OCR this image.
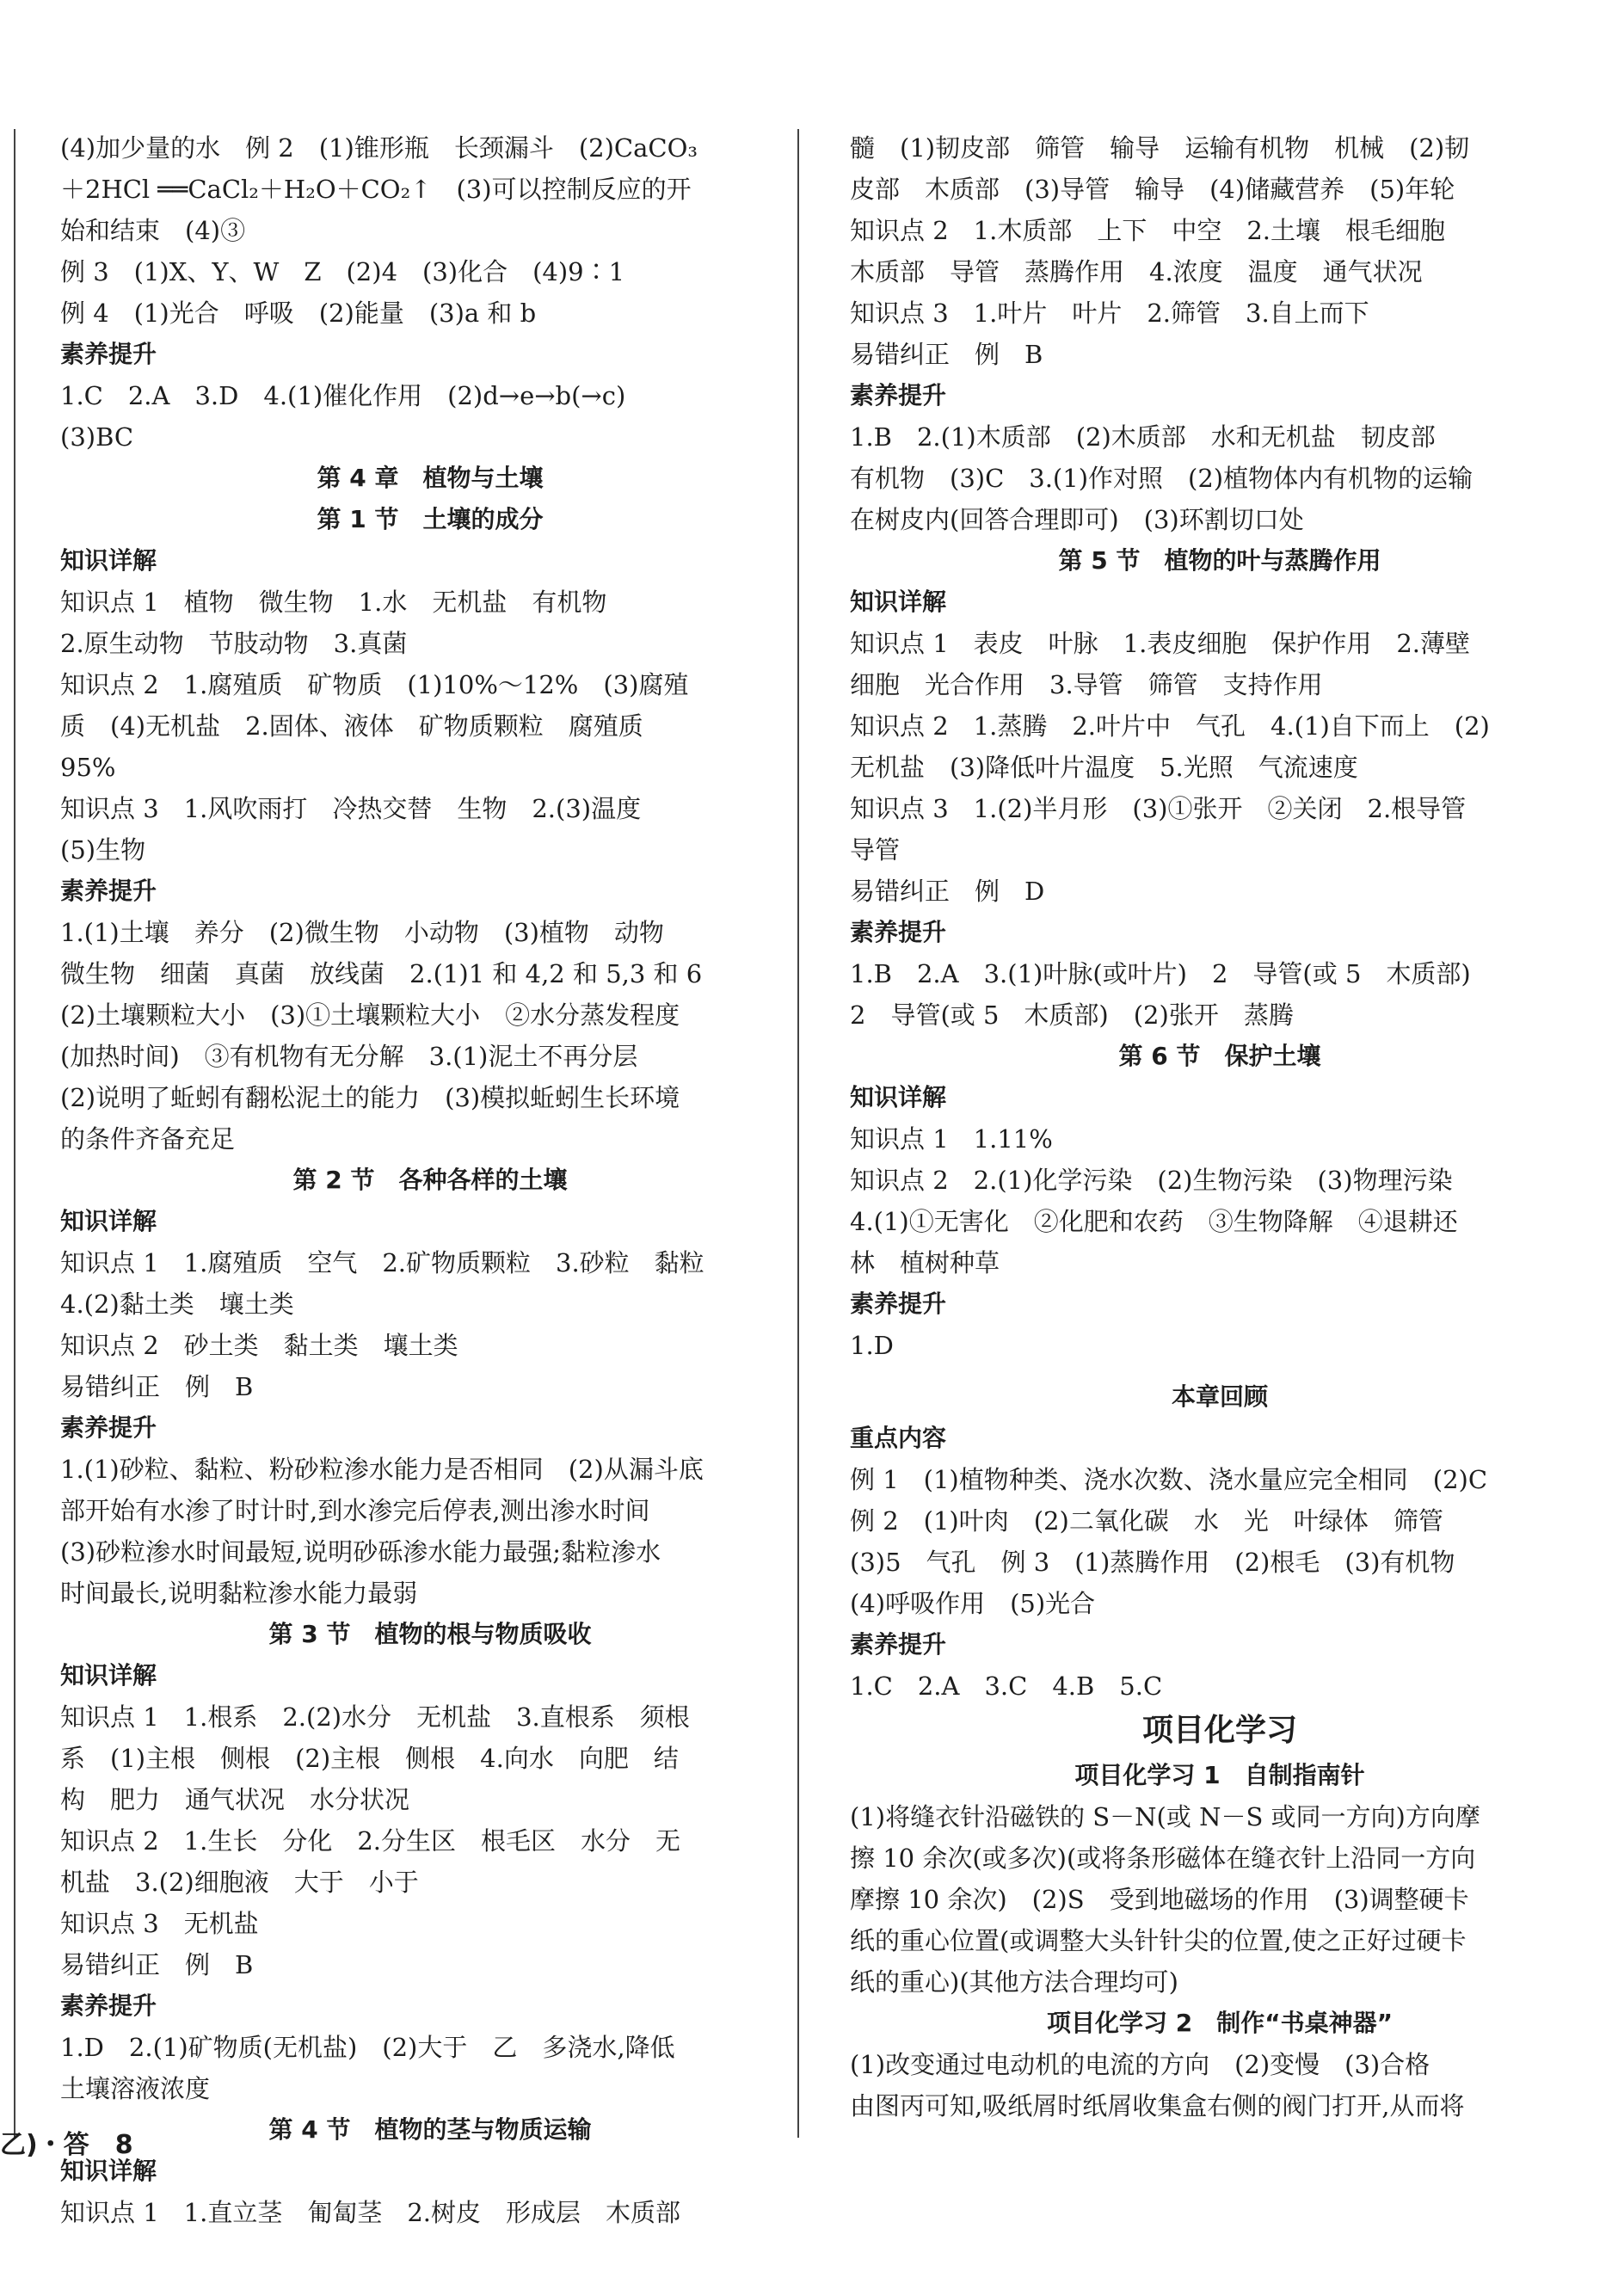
(4)加少量的水　例 2　(1)锥形瓶　长颈漏斗　(2)CaCO₃
＋2HCl ══CaCl₂＋H₂O＋CO₂↑　(3)可以控制反应的开
始和结束　(4)③
例 3　(1)X、Y、W　Z　(2)4　(3)化合　(4)9∶1
例 4　(1)光合　呼吸　(2)能量　(3)a 和 b
素养提升
1.C　2.A　3.D　4.(1)催化作用　(2)d→e→b(→c)
(3)BC
第 4 章　植物与土壤
第 1 节　土壤的成分
知识详解
知识点 1　植物　微生物　1.水　无机盐　有机物
2.原生动物　节肢动物　3.真菌
知识点 2　1.腐殖质　矿物质　(1)10%～12%　(3)腐殖
质　(4)无机盐　2.固体、液体　矿物质颗粒　腐殖质
95%
知识点 3　1.风吹雨打　冷热交替　生物　2.(3)温度
(5)生物
素养提升
1.(1)土壤　养分　(2)微生物　小动物　(3)植物　动物
微生物　细菌　真菌　放线菌　2.(1)1 和 4,2 和 5,3 和 6
(2)土壤颗粒大小　(3)①土壤颗粒大小　②水分蒸发程度
(加热时间)　③有机物有无分解　3.(1)泥土不再分层
(2)说明了蚯蚓有翻松泥土的能力　(3)模拟蚯蚓生长环境
的条件齐备充足
第 2 节　各种各样的土壤
知识详解
知识点 1　1.腐殖质　空气　2.矿物质颗粒　3.砂粒　黏粒
4.(2)黏土类　壤土类
知识点 2　砂土类　黏土类　壤土类
易错纠正　例　B
素养提升
1.(1)砂粒、黏粒、粉砂粒渗水能力是否相同　(2)从漏斗底
部开始有水渗了时计时,到水渗完后停表,测出渗水时间
(3)砂粒渗水时间最短,说明砂砾渗水能力最强;黏粒渗水
时间最长,说明黏粒渗水能力最弱
第 3 节　植物的根与物质吸收
知识详解
知识点 1　1.根系　2.(2)水分　无机盐　3.直根系　须根
系　(1)主根　侧根　(2)主根　侧根　4.向水　向肥　结
构　肥力　通气状况　水分状况
知识点 2　1.生长　分化　2.分生区　根毛区　水分　无
机盐　3.(2)细胞液　大于　小于
知识点 3　无机盐
易错纠正　例　B
素养提升
1.D　2.(1)矿物质(无机盐)　(2)大于　乙　多浇水,降低
土壤溶液浓度
第 4 节　植物的茎与物质运输
知识详解
知识点 1　1.直立茎　匍匐茎　2.树皮　形成层　木质部
髓　(1)韧皮部　筛管　输导　运输有机物　机械　(2)韧
皮部　木质部　(3)导管　输导　(4)储藏营养　(5)年轮
知识点 2　1.木质部　上下　中空　2.土壤　根毛细胞
木质部　导管　蒸腾作用　4.浓度　温度　通气状况
知识点 3　1.叶片　叶片　2.筛管　3.自上而下
易错纠正　例　B
素养提升
1.B　2.(1)木质部　(2)木质部　水和无机盐　韧皮部
有机物　(3)C　3.(1)作对照　(2)植物体内有机物的运输
在树皮内(回答合理即可)　(3)环割切口处
第 5 节　植物的叶与蒸腾作用
知识详解
知识点 1　表皮　叶脉　1.表皮细胞　保护作用　2.薄壁
细胞　光合作用　3.导管　筛管　支持作用
知识点 2　1.蒸腾　2.叶片中　气孔　4.(1)自下而上　(2)
无机盐　(3)降低叶片温度　5.光照　气流速度
知识点 3　1.(2)半月形　(3)①张开　②关闭　2.根导管
导管
易错纠正　例　D
素养提升
1.B　2.A　3.(1)叶脉(或叶片)　2　导管(或 5　木质部)
2　导管(或 5　木质部)　(2)张开　蒸腾
第 6 节　保护土壤
知识详解
知识点 1　1.11%
知识点 2　2.(1)化学污染　(2)生物污染　(3)物理污染
4.(1)①无害化　②化肥和农药　③生物降解　④退耕还
林　植树种草
素养提升
1.D
本章回顾
重点内容
例 1　(1)植物种类、浇水次数、浇水量应完全相同　(2)C
例 2　(1)叶肉　(2)二氧化碳　水　光　叶绿体　筛管
(3)5　气孔　例 3　(1)蒸腾作用　(2)根毛　(3)有机物
(4)呼吸作用　(5)光合
素养提升
1.C　2.A　3.C　4.B　5.C
项目化学习
项目化学习 1　自制指南针
(1)将缝衣针沿磁铁的 S－N(或 N－S 或同一方向)方向摩
擦 10 余次(或多次)(或将条形磁体在缝衣针上沿同一方向
摩擦 10 余次)　(2)S　受到地磁场的作用　(3)调整硬卡
纸的重心位置(或调整大头针针尖的位置,使之正好过硬卡
纸的重心)(其他方法合理均可)
项目化学习 2　制作“书桌神器”
(1)改变通过电动机的电流的方向　(2)变慢　(3)合格
由图丙可知,吸纸屑时纸屑收集盒右侧的阀门打开,从而将
乙)・答　8
